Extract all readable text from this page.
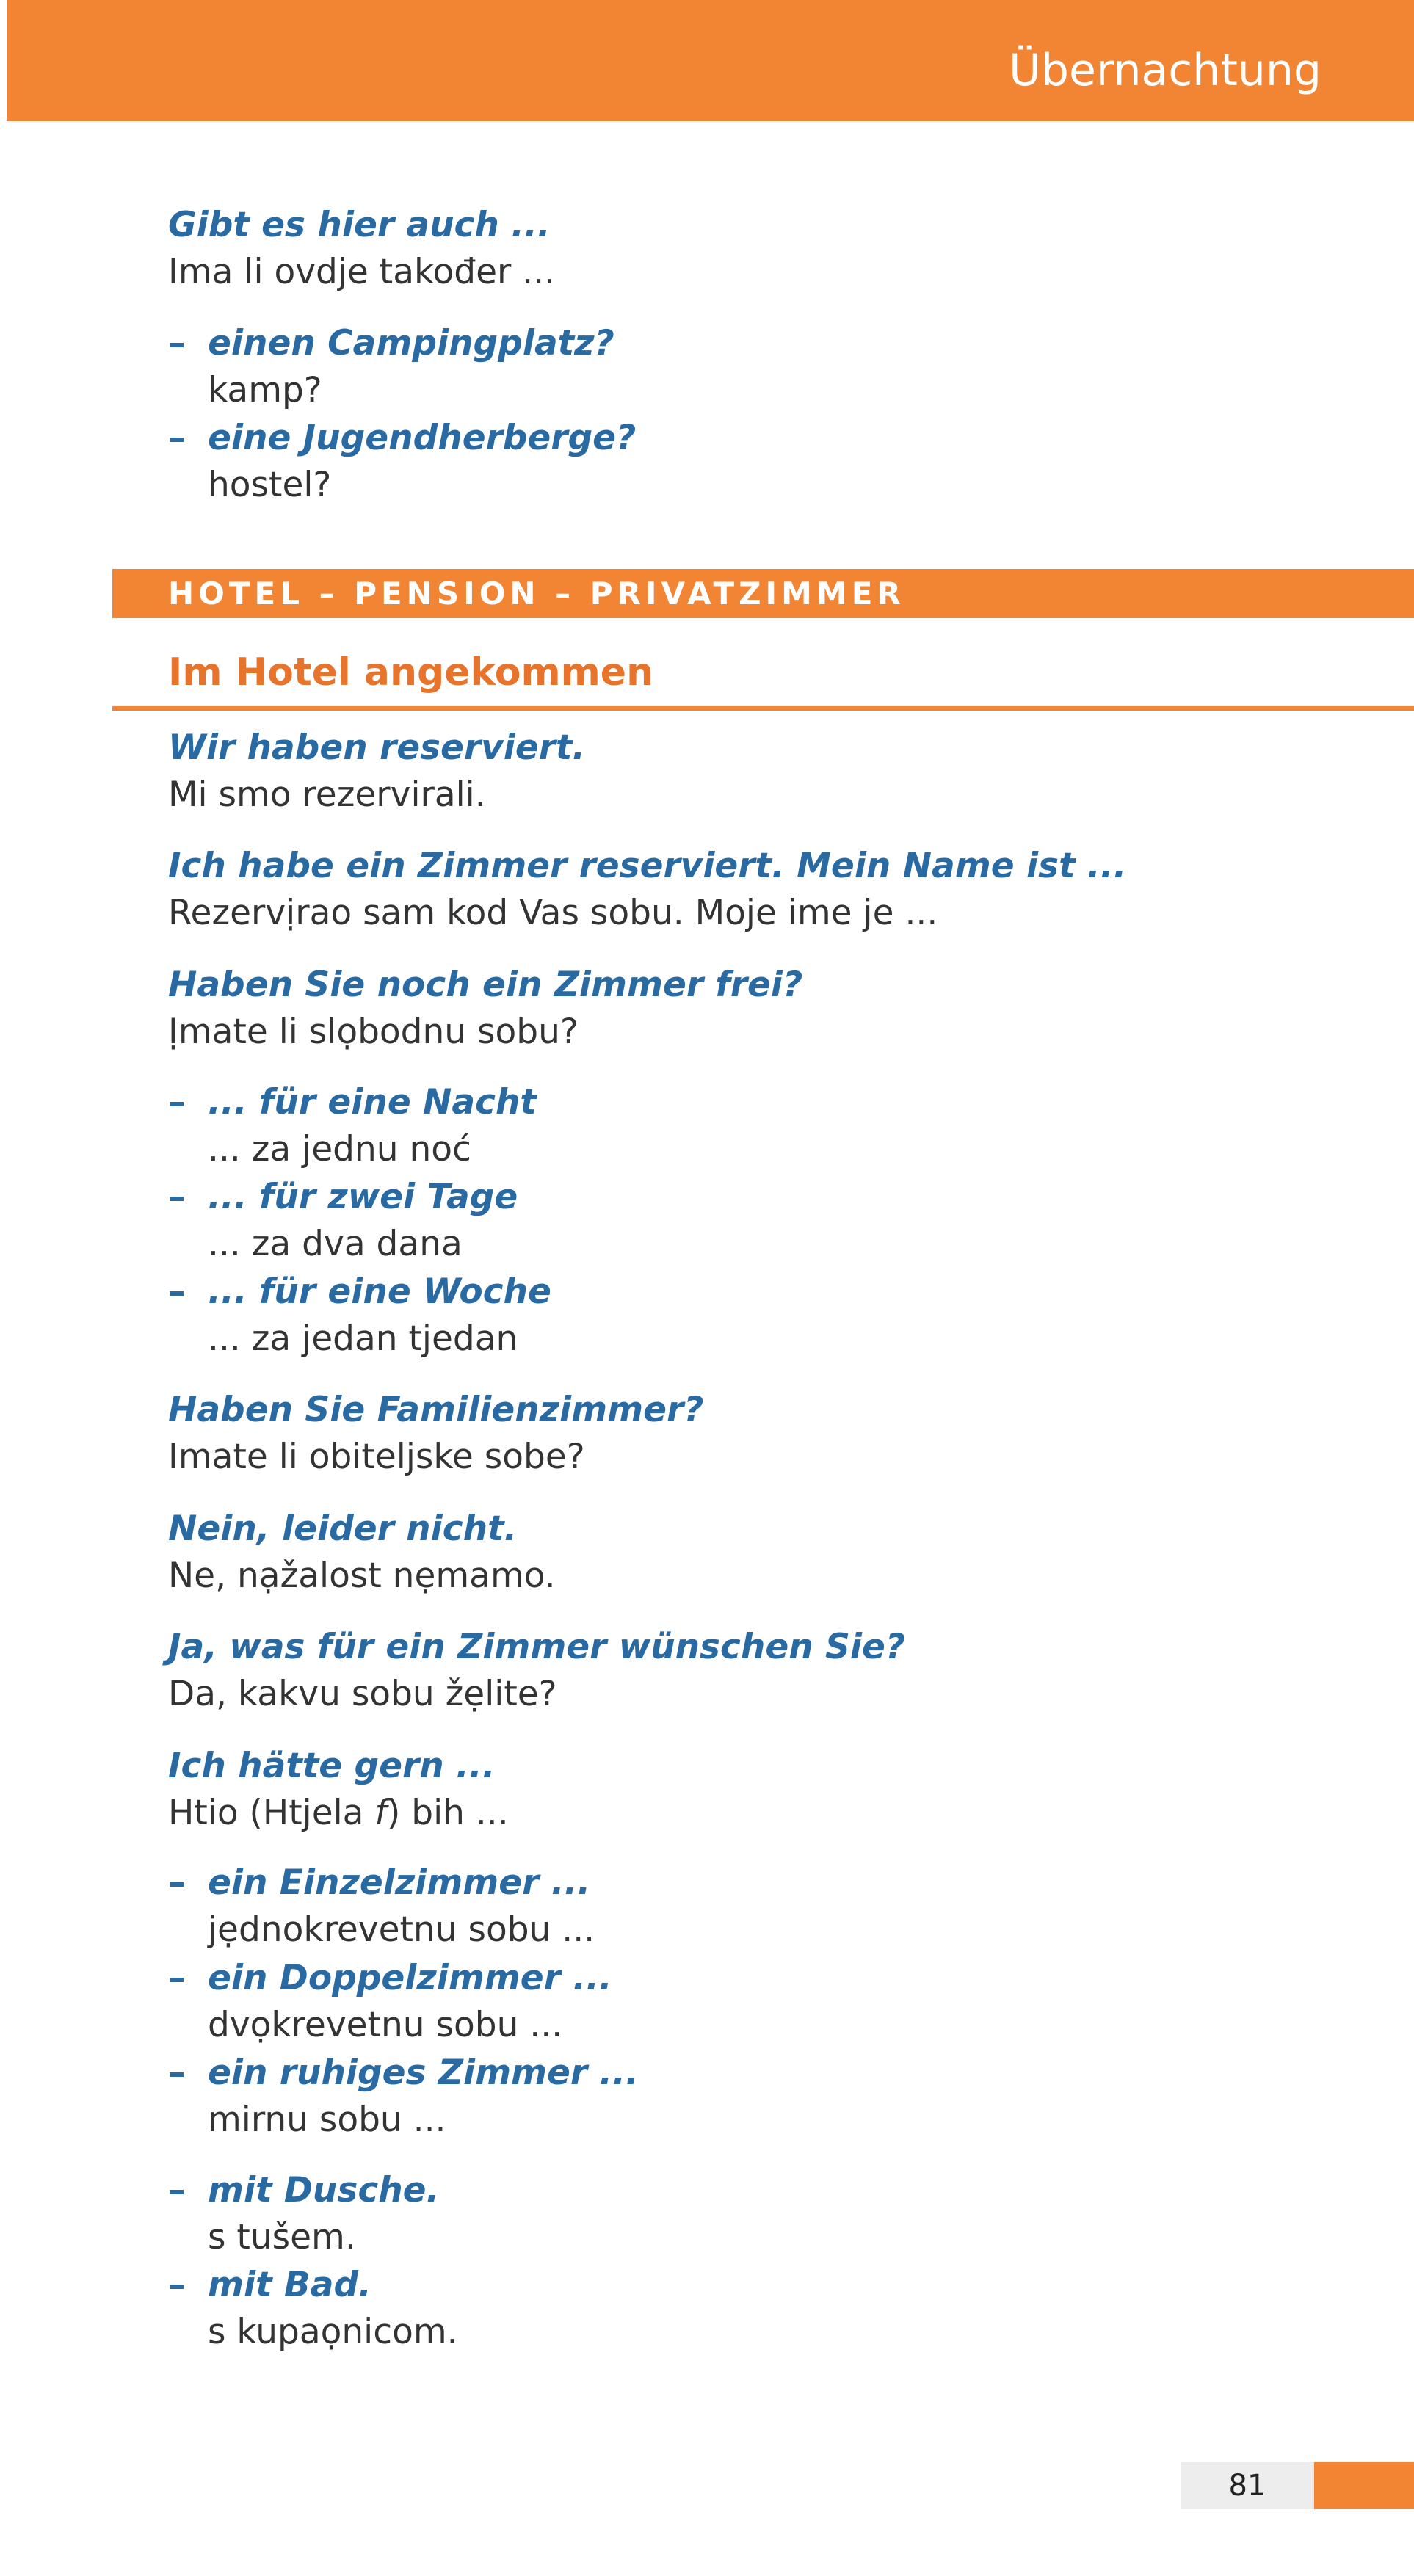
Übernachtung
Gibt es hier auch ...
Ima li ovdje također ...
– einen Campingplatz?
kamp?
– eine Jugendherberge?
hostel?
HOTEL – PENSION – PRIVATZIMMER
Im Hotel angekommen
Wir haben reserviert.
Mi smo rezervirali.
Ich habe ein Zimmer reserviert. Mein Name ist ...
Rezervịrao sam kod Vas sobu. Moje ime je ...
Haben Sie noch ein Zimmer frei?
Ịmate li slọbodnu sobu?
– ... für eine Nacht
... za jednu noć
– ... für zwei Tage
... za dva dana
– ... für eine Woche
... za jedan tjedan
Haben Sie Familienzimmer?
Imate li obiteljske sobe?
Nein, leider nicht.
Ne, nạžalost nẹmamo.
Ja, was für ein Zimmer wünschen Sie?
Da, kakvu sobu žẹlite?
Ich hätte gern ...
Htio (Htjela f) bih ...
– ein Einzelzimmer ...
jẹdnokrevetnu sobu ...
– ein Doppelzimmer ...
dvọkrevetnu sobu ...
– ein ruhiges Zimmer ...
mirnu sobu ...
– mit Dusche.
s tušem.
– mit Bad.
s kupaọnicom.
81
